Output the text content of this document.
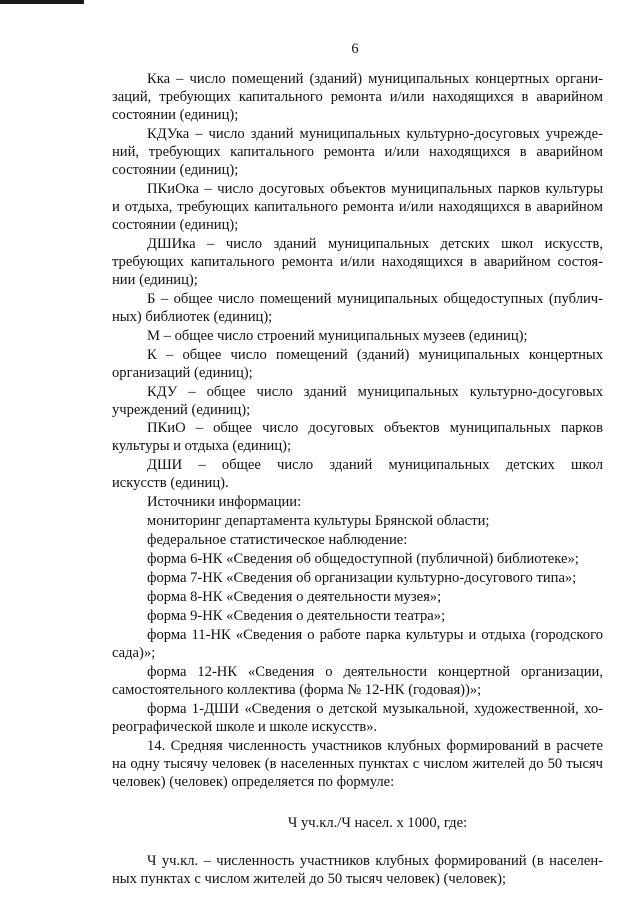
6
Кка – число помещений (зданий) муниципальных концертных органи-
заций, требующих капитального ремонта и/или находящихся в аварийном
состоянии (единиц);
КДУка – число зданий муниципальных культурно-досуговых учрежде-
ний, требующих капитального ремонта и/или находящихся в аварийном
состоянии (единиц);
ПКиОка – число досуговых объектов муниципальных парков культуры
и отдыха, требующих капитального ремонта и/или находящихся в аварийном
состоянии (единиц);
ДШИка – число зданий муниципальных детских школ искусств,
требующих капитального ремонта и/или находящихся в аварийном состоя-
нии (единиц);
Б – общее число помещений муниципальных общедоступных (публич-
ных) библиотек (единиц);
М – общее число строений муниципальных музеев (единиц);
К – общее число помещений (зданий) муниципальных концертных
организаций (единиц);
КДУ – общее число зданий муниципальных культурно-досуговых
учреждений (единиц);
ПКиО – общее число досуговых объектов муниципальных парков
культуры и отдыха (единиц);
ДШИ – общее число зданий муниципальных детских школ
искусств (единиц).
Источники информации:
мониторинг департамента культуры Брянской области;
федеральное статистическое наблюдение:
форма 6-НК «Сведения об общедоступной (публичной) библиотеке»;
форма 7-НК «Сведения об организации культурно-досугового типа»;
форма 8-НК «Сведения о деятельности музея»;
форма 9-НК «Сведения о деятельности театра»;
форма 11-НК «Сведения о работе парка культуры и отдыха (городского
сада)»;
форма 12-НК «Сведения о деятельности концертной организации,
самостоятельного коллектива (форма № 12-НК (годовая))»;
форма 1-ДШИ «Сведения о детской музыкальной, художественной, хо-
реографической школе и школе искусств».
14. Средняя численность участников клубных формирований в расчете
на одну тысячу человек (в населенных пунктах с числом жителей до 50 тысяч
человек) (человек) определяется по формуле:
Ч уч.кл./Ч насел. х 1000, где:
Ч уч.кл. – численность участников клубных формирований (в населен-
ных пунктах с числом жителей до 50 тысяч человек) (человек);
